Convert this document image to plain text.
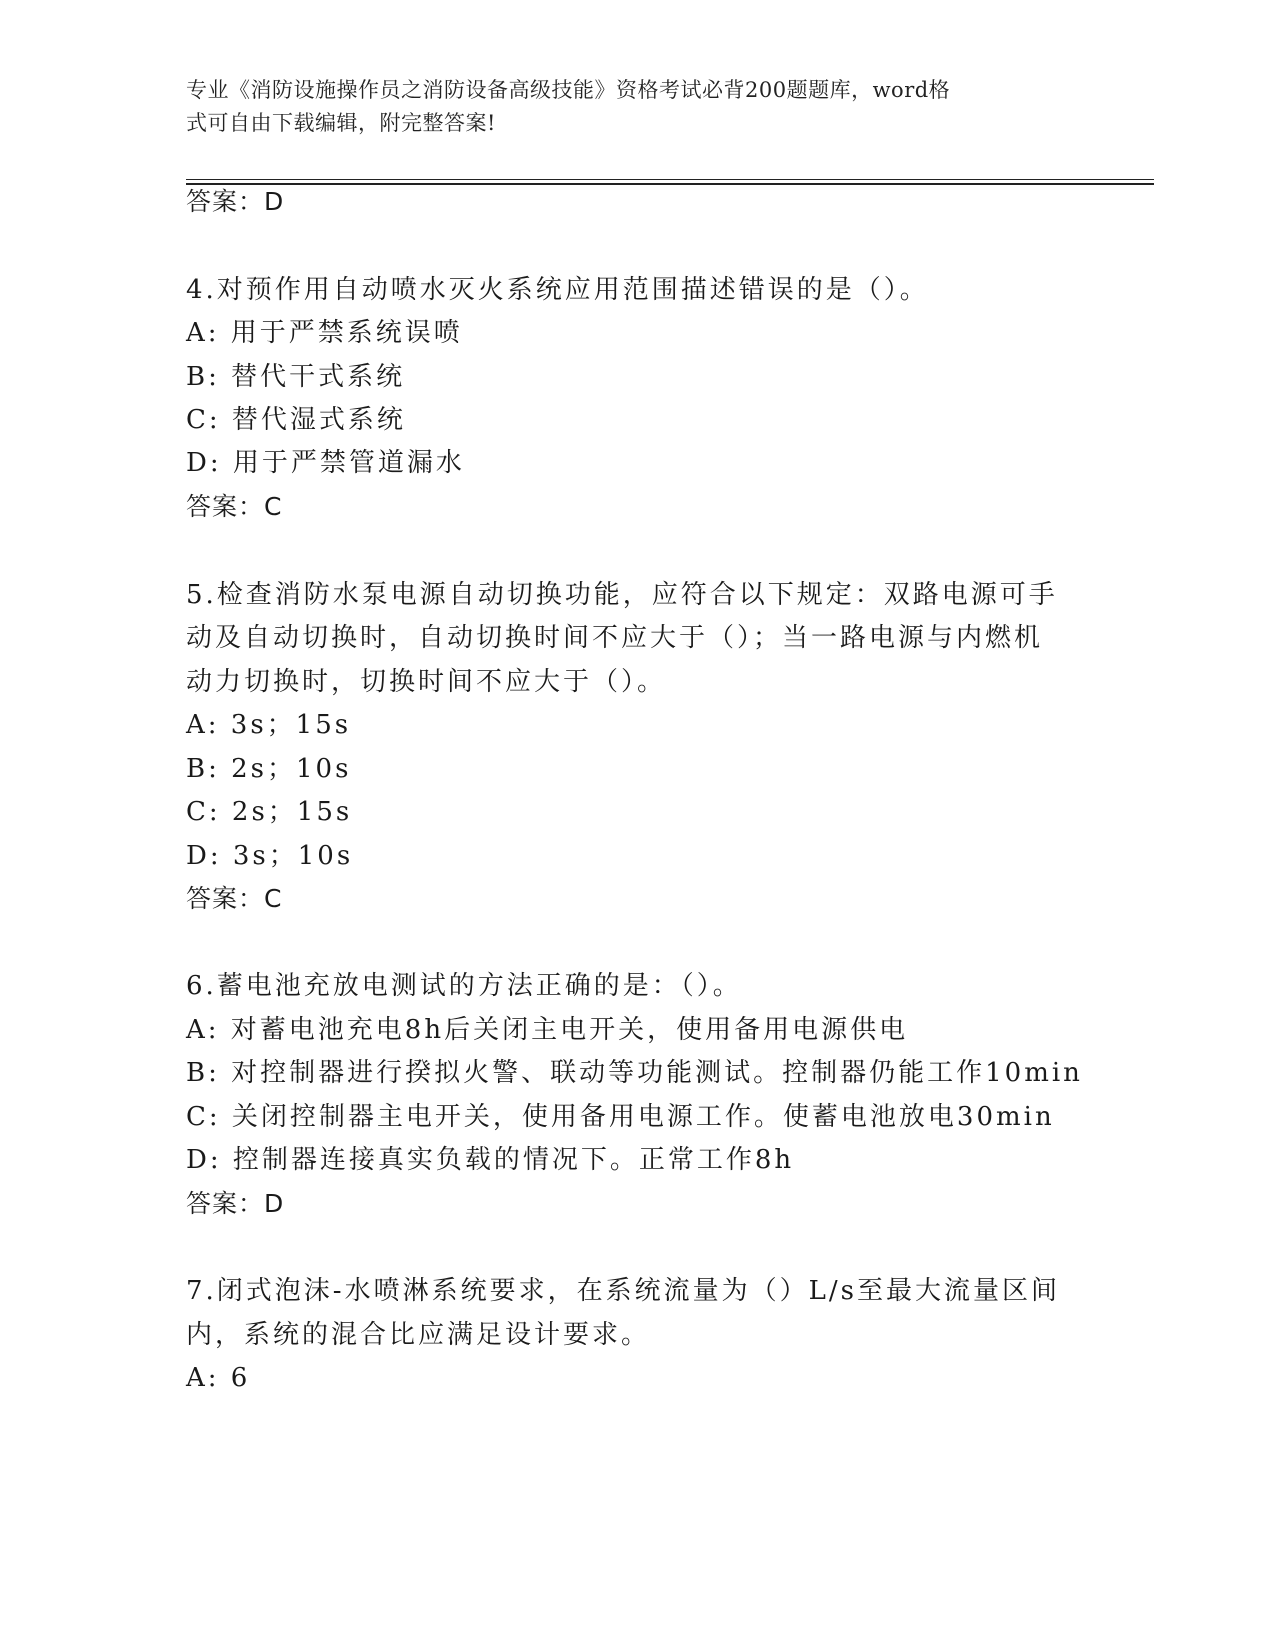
专业《消防设施操作员之消防设备高级技能》资格考试必背200题题库，word格
式可自由下载编辑，附完整答案!
答案：D
4.对预作用自动喷水灭火系统应用范围描述错误的是（）。
A: 用于严禁系统误喷
B: 替代干式系统
C: 替代湿式系统
D: 用于严禁管道漏水
答案：C
5.检查消防水泵电源自动切换功能，应符合以下规定：双路电源可手
动及自动切换时，自动切换时间不应大于（）；当一路电源与内燃机
动力切换时，切换时间不应大于（）。
A: 3s；15s
B: 2s；10s
C: 2s；15s
D: 3s；10s
答案：C
6.蓄电池充放电测试的方法正确的是：（）。
A: 对蓄电池充电8h后关闭主电开关，使用备用电源供电
B: 对控制器进行揆拟火警、联动等功能测试。控制器仍能工作10min
C: 关闭控制器主电开关，使用备用电源工作。使蓄电池放电30min
D: 控制器连接真实负载的情况下。正常工作8h
答案：D
7.闭式泡沫-水喷淋系统要求，在系统流量为（）L/s至最大流量区间
内，系统的混合比应满足设计要求。
A: 6
